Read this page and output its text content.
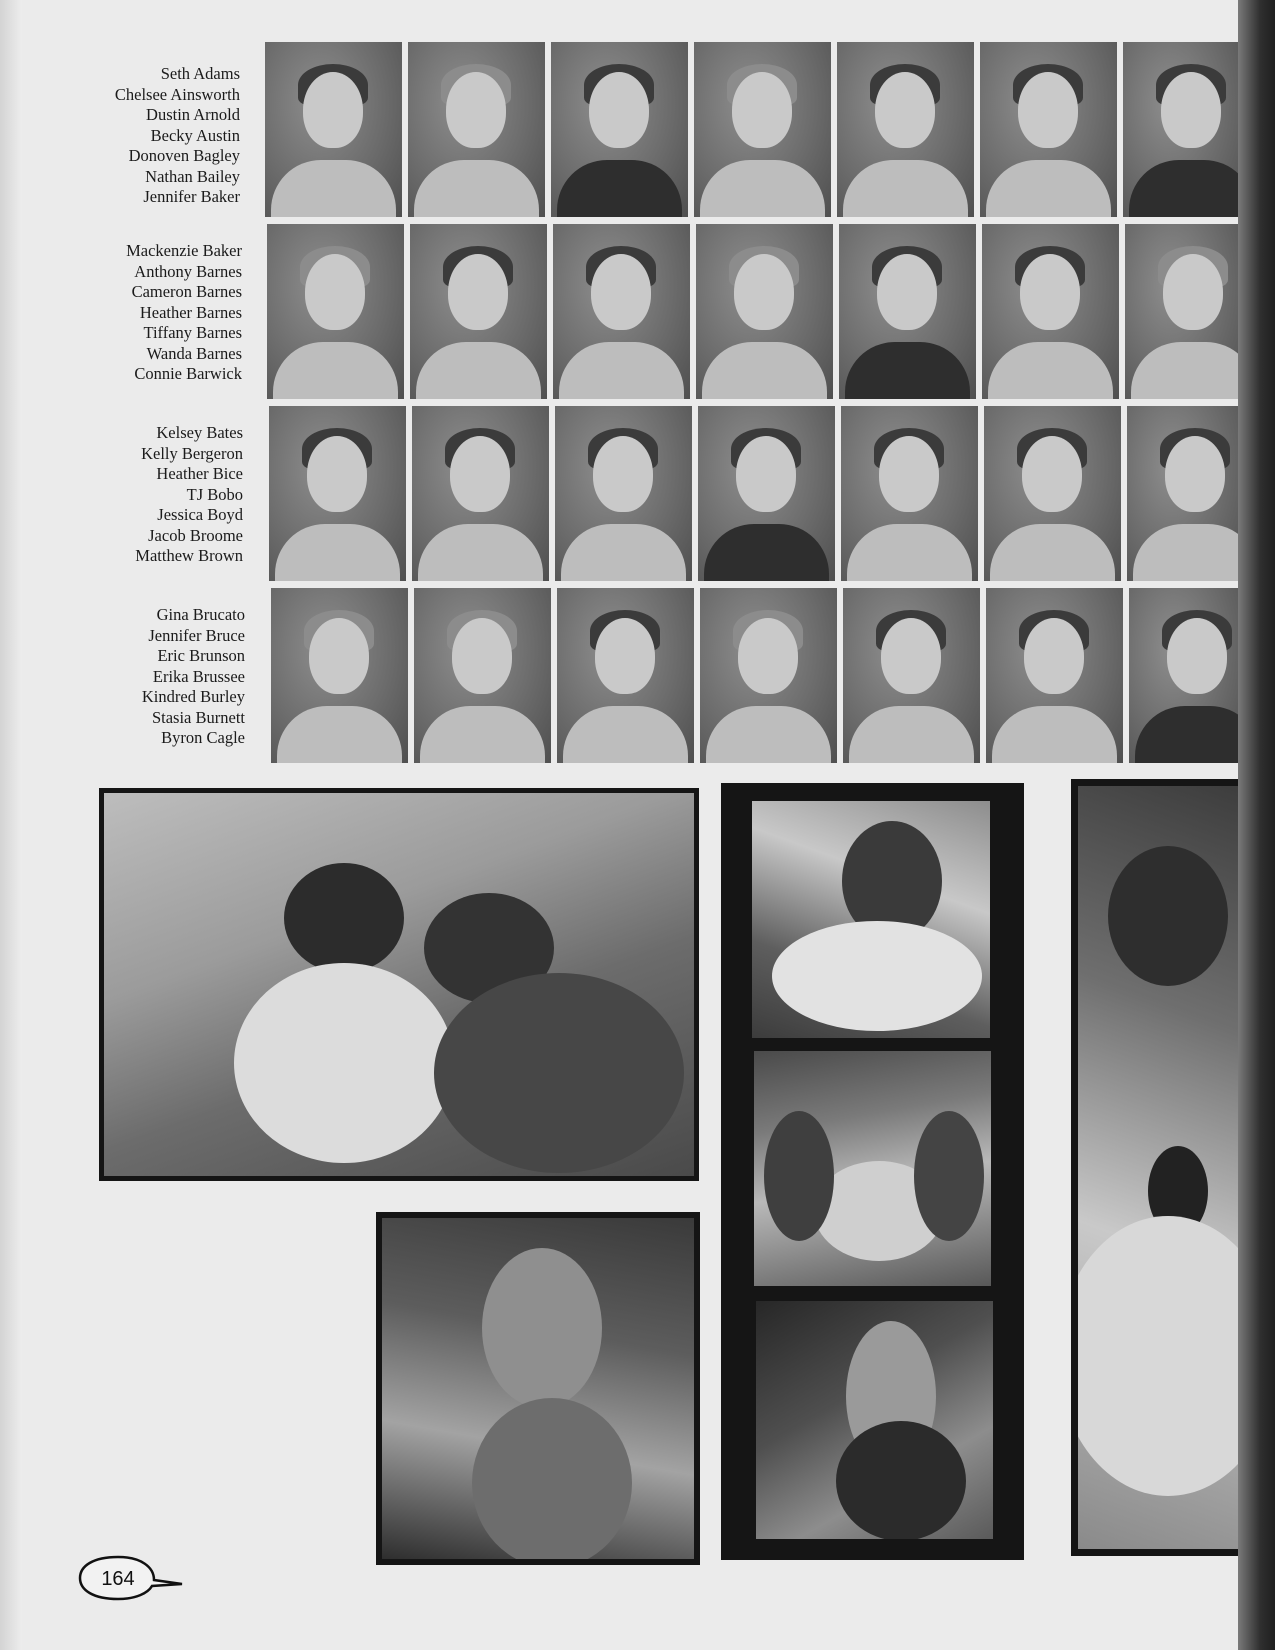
Seth Adams
Chelsee Ainsworth
Dustin Arnold
Becky Austin
Donoven Bagley
Nathan Bailey
Jennifer Baker
Mackenzie Baker
Anthony Barnes
Cameron Barnes
Heather Barnes
Tiffany Barnes
Wanda Barnes
Connie Barwick
Kelsey Bates
Kelly Bergeron
Heather Bice
TJ Bobo
Jessica Boyd
Jacob Broome
Matthew Brown
Gina Brucato
Jennifer Bruce
Eric Brunson
Erika Brussee
Kindred Burley
Stasia Burnett
Byron Cagle
164
